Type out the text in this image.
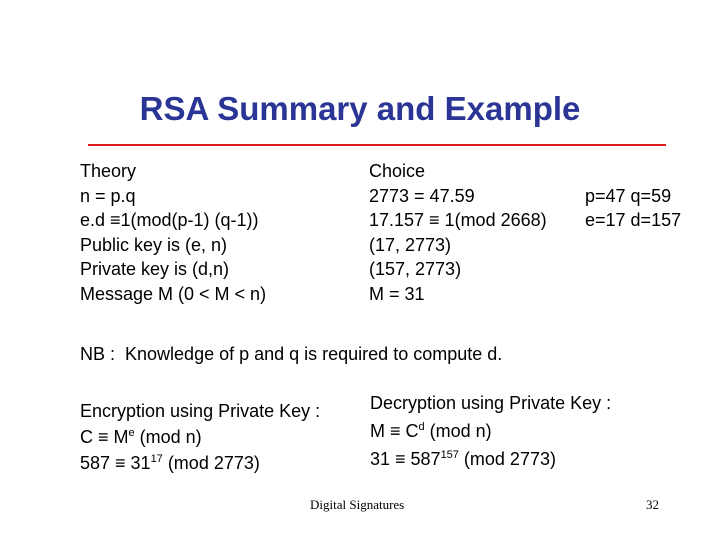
RSA Summary and Example
Theory
n = p.q
e.d ≡1(mod(p-1) (q-1))
Public key is (e, n)
Private key is (d,n)
Message M (0 < M < n)
Choice
2773 = 47.59
17.157 ≡ 1(mod 2668)
(17, 2773)
(157, 2773)
M = 31
p=47 q=59
e=17 d=157
NB : Knowledge of p and q is required to compute d.
Encryption using Private Key :
$C \equiv M^e$ (mod n)
$587 \equiv 31^{17}$ (mod 2773)
Decryption using Private Key :
$M \equiv C^d$ (mod n)
$31 \equiv 587^{157}$ (mod 2773)
Digital Signatures	32
